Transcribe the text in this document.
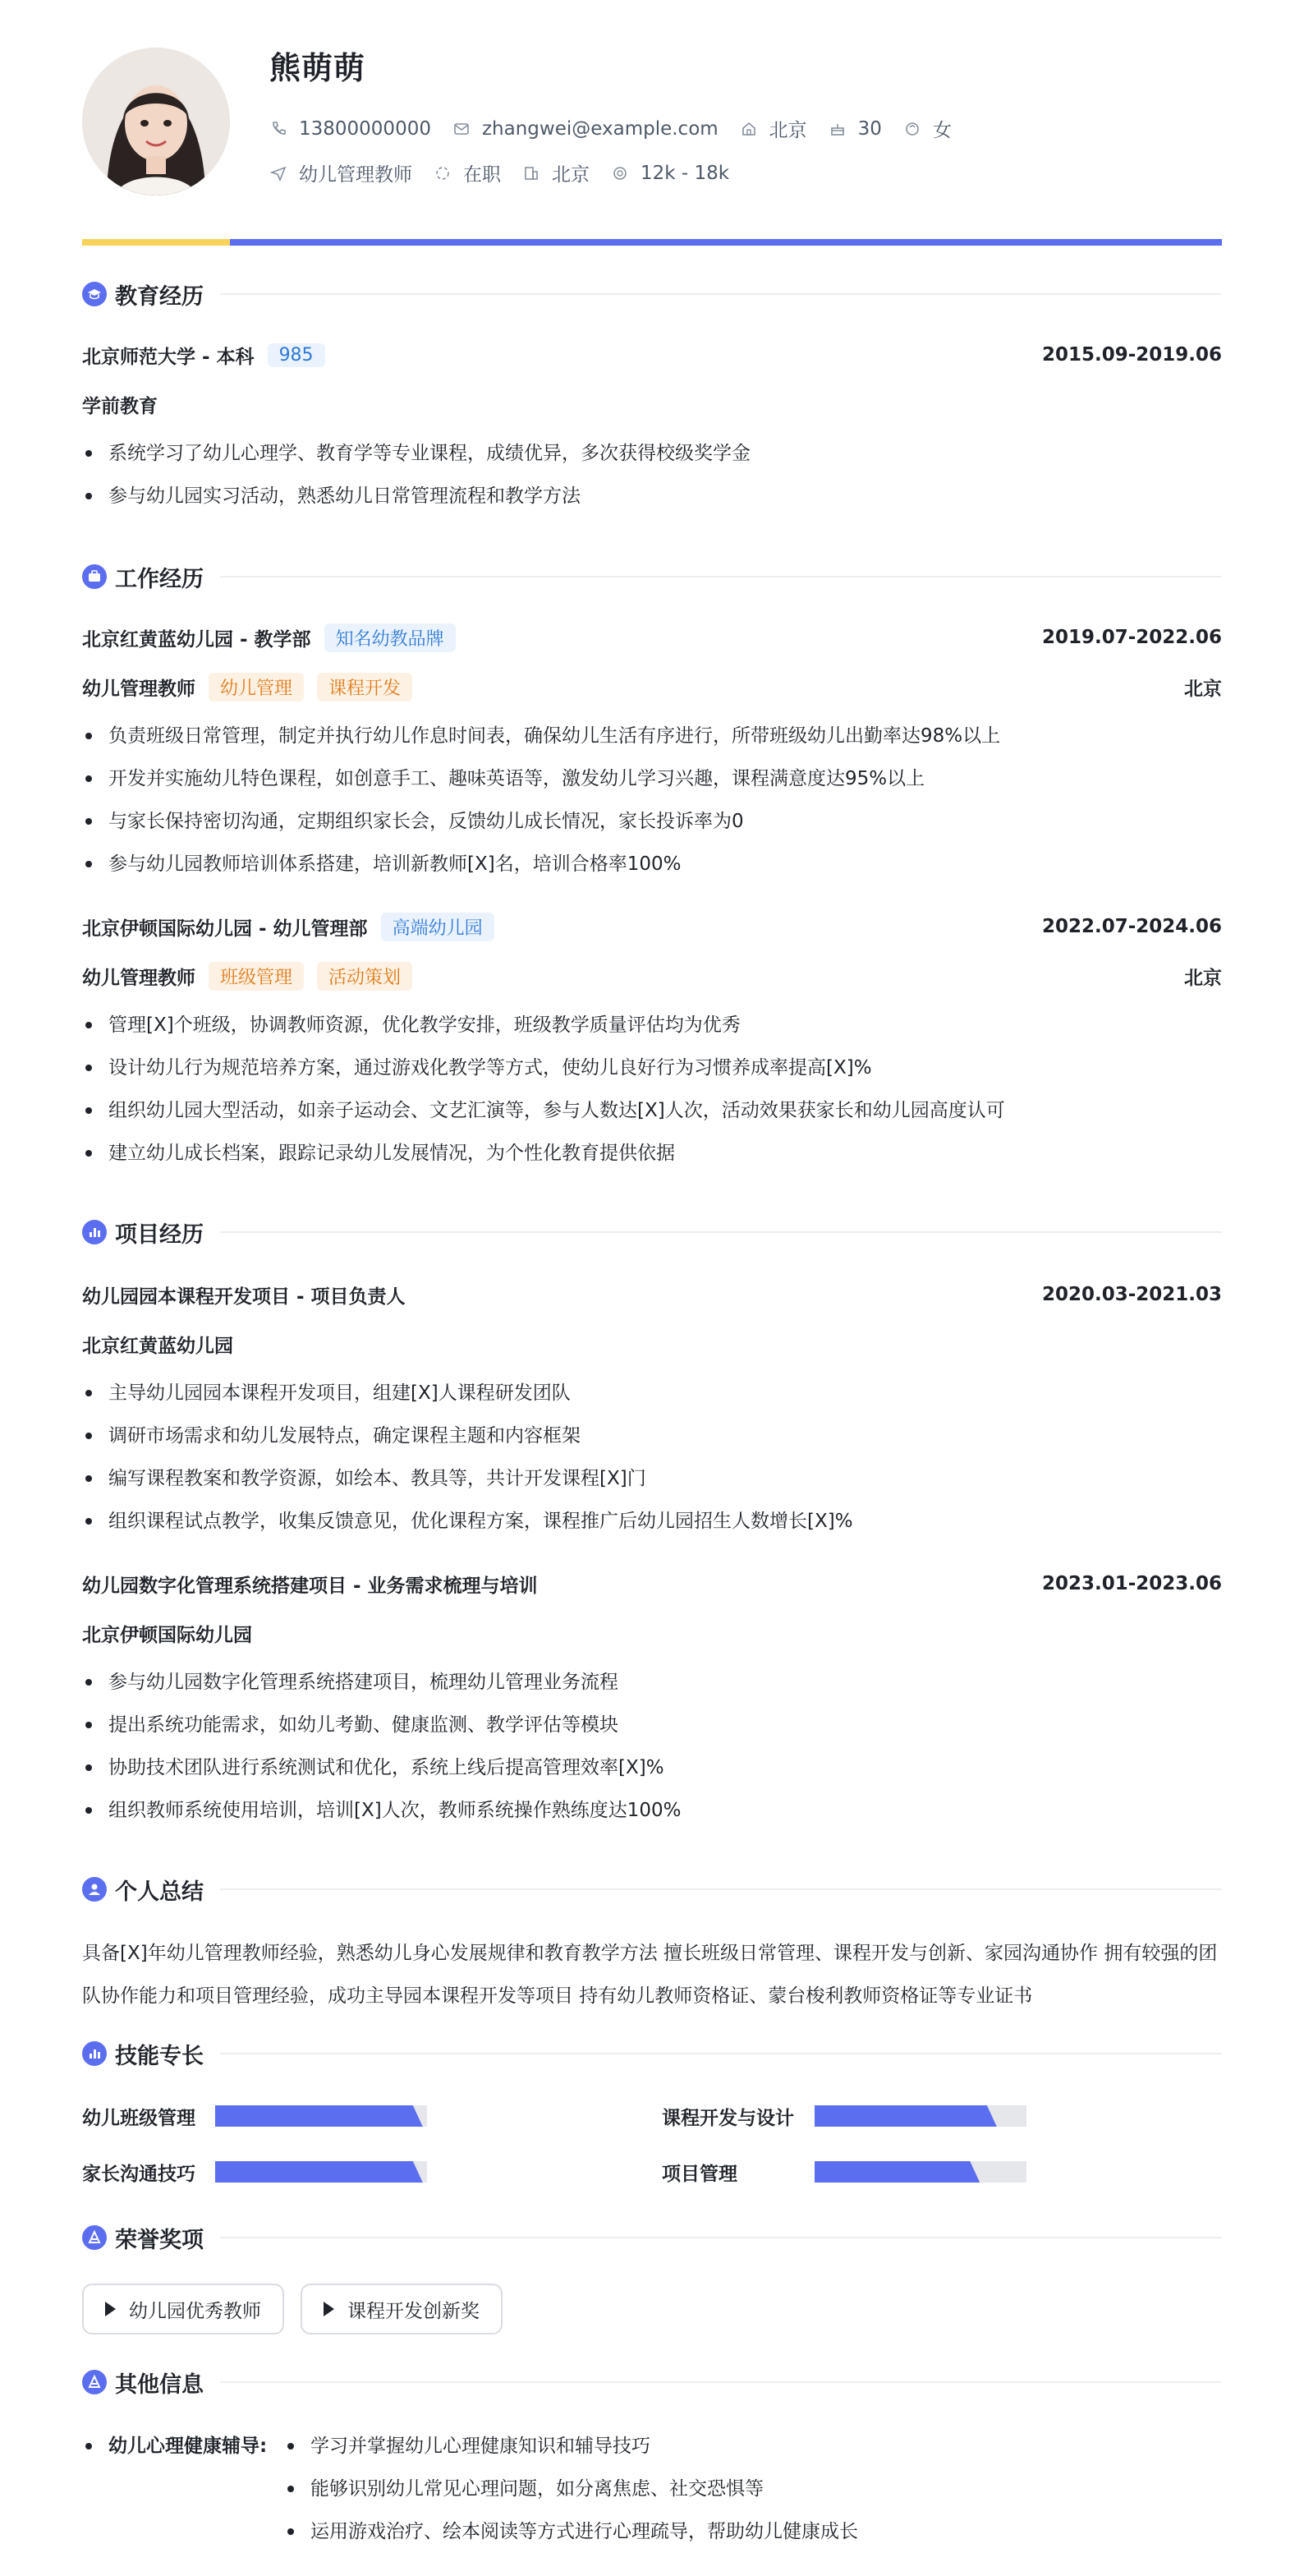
熊萌萌
13800000000	zhangwei@example.com	北京	30	女
幼儿管理教师	在职	北京	12k - 18k
教育经历
北京师范大学 - 本科	985	2015.09-2019.06
学前教育
系统学习了幼儿心理学、教育学等专业课程，成绩优异，多次获得校级奖学金
参与幼儿园实习活动，熟悉幼儿日常管理流程和教学方法
工作经历
北京红黄蓝幼儿园 - 教学部	知名幼教品牌	2019.07-2022.06
幼儿管理教师	幼儿管理	课程开发	北京
负责班级日常管理，制定并执行幼儿作息时间表，确保幼儿生活有序进行，所带班级幼儿出勤率达98%以上
开发并实施幼儿特色课程，如创意手工、趣味英语等，激发幼儿学习兴趣，课程满意度达95%以上
与家长保持密切沟通，定期组织家长会，反馈幼儿成长情况，家长投诉率为0
参与幼儿园教师培训体系搭建，培训新教师[X]名，培训合格率100%
北京伊顿国际幼儿园 - 幼儿管理部	高端幼儿园	2022.07-2024.06
幼儿管理教师	班级管理	活动策划	北京
管理[X]个班级，协调教师资源，优化教学安排，班级教学质量评估均为优秀
设计幼儿行为规范培养方案，通过游戏化教学等方式，使幼儿良好行为习惯养成率提高[X]%
组织幼儿园大型活动，如亲子运动会、文艺汇演等，参与人数达[X]人次，活动效果获家长和幼儿园高度认可
建立幼儿成长档案，跟踪记录幼儿发展情况，为个性化教育提供依据
项目经历
幼儿园园本课程开发项目 - 项目负责人	2020.03-2021.03
北京红黄蓝幼儿园
主导幼儿园园本课程开发项目，组建[X]人课程研发团队
调研市场需求和幼儿发展特点，确定课程主题和内容框架
编写课程教案和教学资源，如绘本、教具等，共计开发课程[X]门
组织课程试点教学，收集反馈意见，优化课程方案，课程推广后幼儿园招生人数增长[X]%
幼儿园数字化管理系统搭建项目 - 业务需求梳理与培训	2023.01-2023.06
北京伊顿国际幼儿园
参与幼儿园数字化管理系统搭建项目，梳理幼儿管理业务流程
提出系统功能需求，如幼儿考勤、健康监测、教学评估等模块
协助技术团队进行系统测试和优化，系统上线后提高管理效率[X]%
组织教师系统使用培训，培训[X]人次，教师系统操作熟练度达100%
个人总结
具备[X]年幼儿管理教师经验，熟悉幼儿身心发展规律和教育教学方法 擅长班级日常管理、课程开发与创新、家园沟通协作 拥有较强的团队协作能力和项目管理经验，成功主导园本课程开发等项目 持有幼儿教师资格证、蒙台梭利教师资格证等专业证书
技能专长
幼儿班级管理	课程开发与设计
家长沟通技巧	项目管理
荣誉奖项
幼儿园优秀教师	课程开发创新奖
其他信息
幼儿心理健康辅导:	学习并掌握幼儿心理健康知识和辅导技巧
能够识别幼儿常见心理问题，如分离焦虑、社交恐惧等
运用游戏治疗、绘本阅读等方式进行心理疏导，帮助幼儿健康成长
